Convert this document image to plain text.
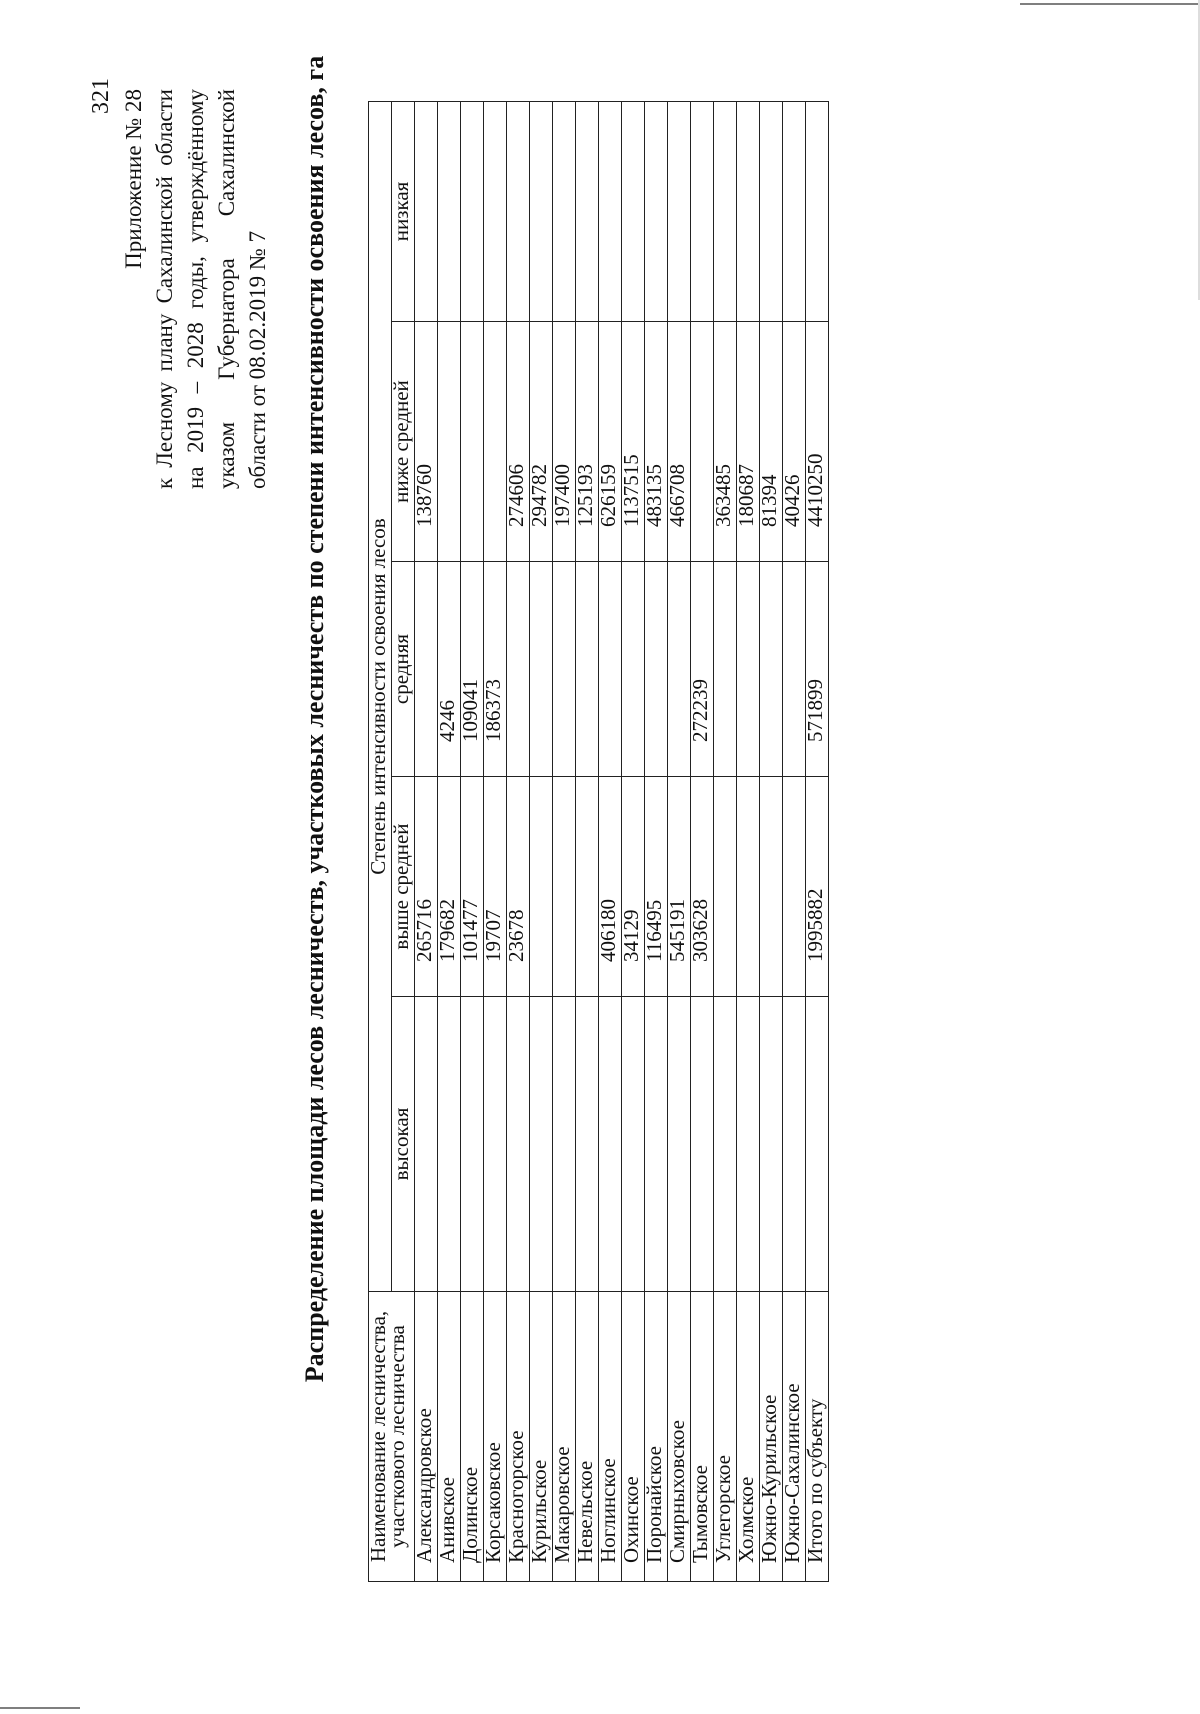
321 Приложение № 28 к Лесному плану Сахалинской области на 2019 – 2028 годы, утверждённому указом Губернатора Сахалинской области от 08.02.2019 № 7 Распределение площади лесов лесничеств, участковых лесничеств по степени интенсивности освоения лесов, га
Наименование лесничества, участкового лесничества	Степень интенсивности освоения лесов				
	высокая	выше средней	средняя	ниже средней	низкая
Александровское		265716		138760	
Анивское		179682	4246		
Долинское		101477	109041		
Корсаковское		19707	186373		
Красногорское		23678		274606	
Курильское				294782	
Макаровское				197400	
Невельское				125193	
Ноглинское		406180		626159	
Охинское		34129		1137515	
Поронайское		116495		483135	
Смирныховское		545191		466708	
Тымовское		303628	272239		
Углегорское				363485	
Холмское				180687	
Южно-Курильское				81394	
Южно-Сахалинское				40426	
Итого по субъекту		1995882	571899	4410250	
